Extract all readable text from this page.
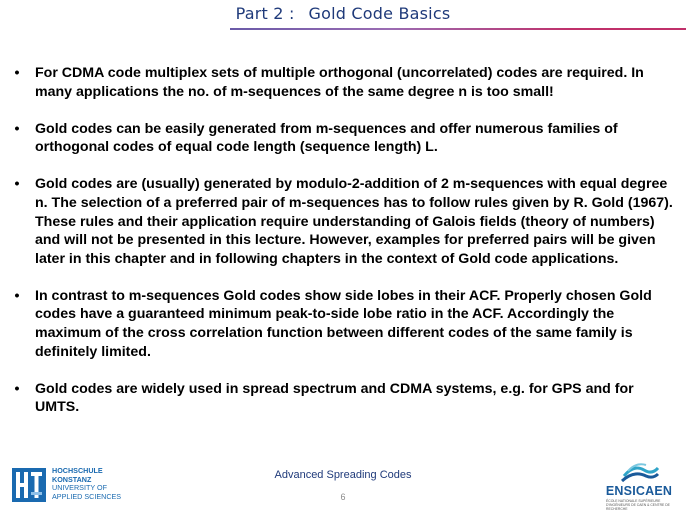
Part 2 : Gold Code Basics
• For CDMA code multiplex sets of multiple orthogonal (uncorrelated) codes are required. In many applications the no. of m-sequences of the same degree n is too small!
• Gold codes can be easily generated from m-sequences and offer numerous families of orthogonal codes of equal code length (sequence length) L.
• Gold codes are (usually) generated by modulo-2-addition of 2 m-sequences with equal degree n. The selection of a preferred pair of m-sequences has to follow rules given by R. Gold (1967). These rules and their application require understanding of Galois fields (theory of numbers) and will not be presented in this lecture. However, examples for preferred pairs will be given later in this chapter and in following chapters in the context of Gold code applications.
• In contrast to m-sequences Gold codes show side lobes in their ACF. Properly chosen Gold codes have a guaranteed minimum peak-to-side lobe ratio in the ACF. Accordingly the maximum of the cross correlation function between different codes of the same family is definitely limited.
• Gold codes are widely used in spread spectrum and CDMA systems, e.g. for GPS and for UMTS.
HOCHSCHULE
KONSTANZ
UNIVERSITY OF
APPLIED SCIENCES
Advanced Spreading Codes
6	ENSICAEN
ÉCOLE NATIONALE SUPÉRIEURE D'INGÉNIEURS DE CAEN & CENTRE DE RECHERCHE
